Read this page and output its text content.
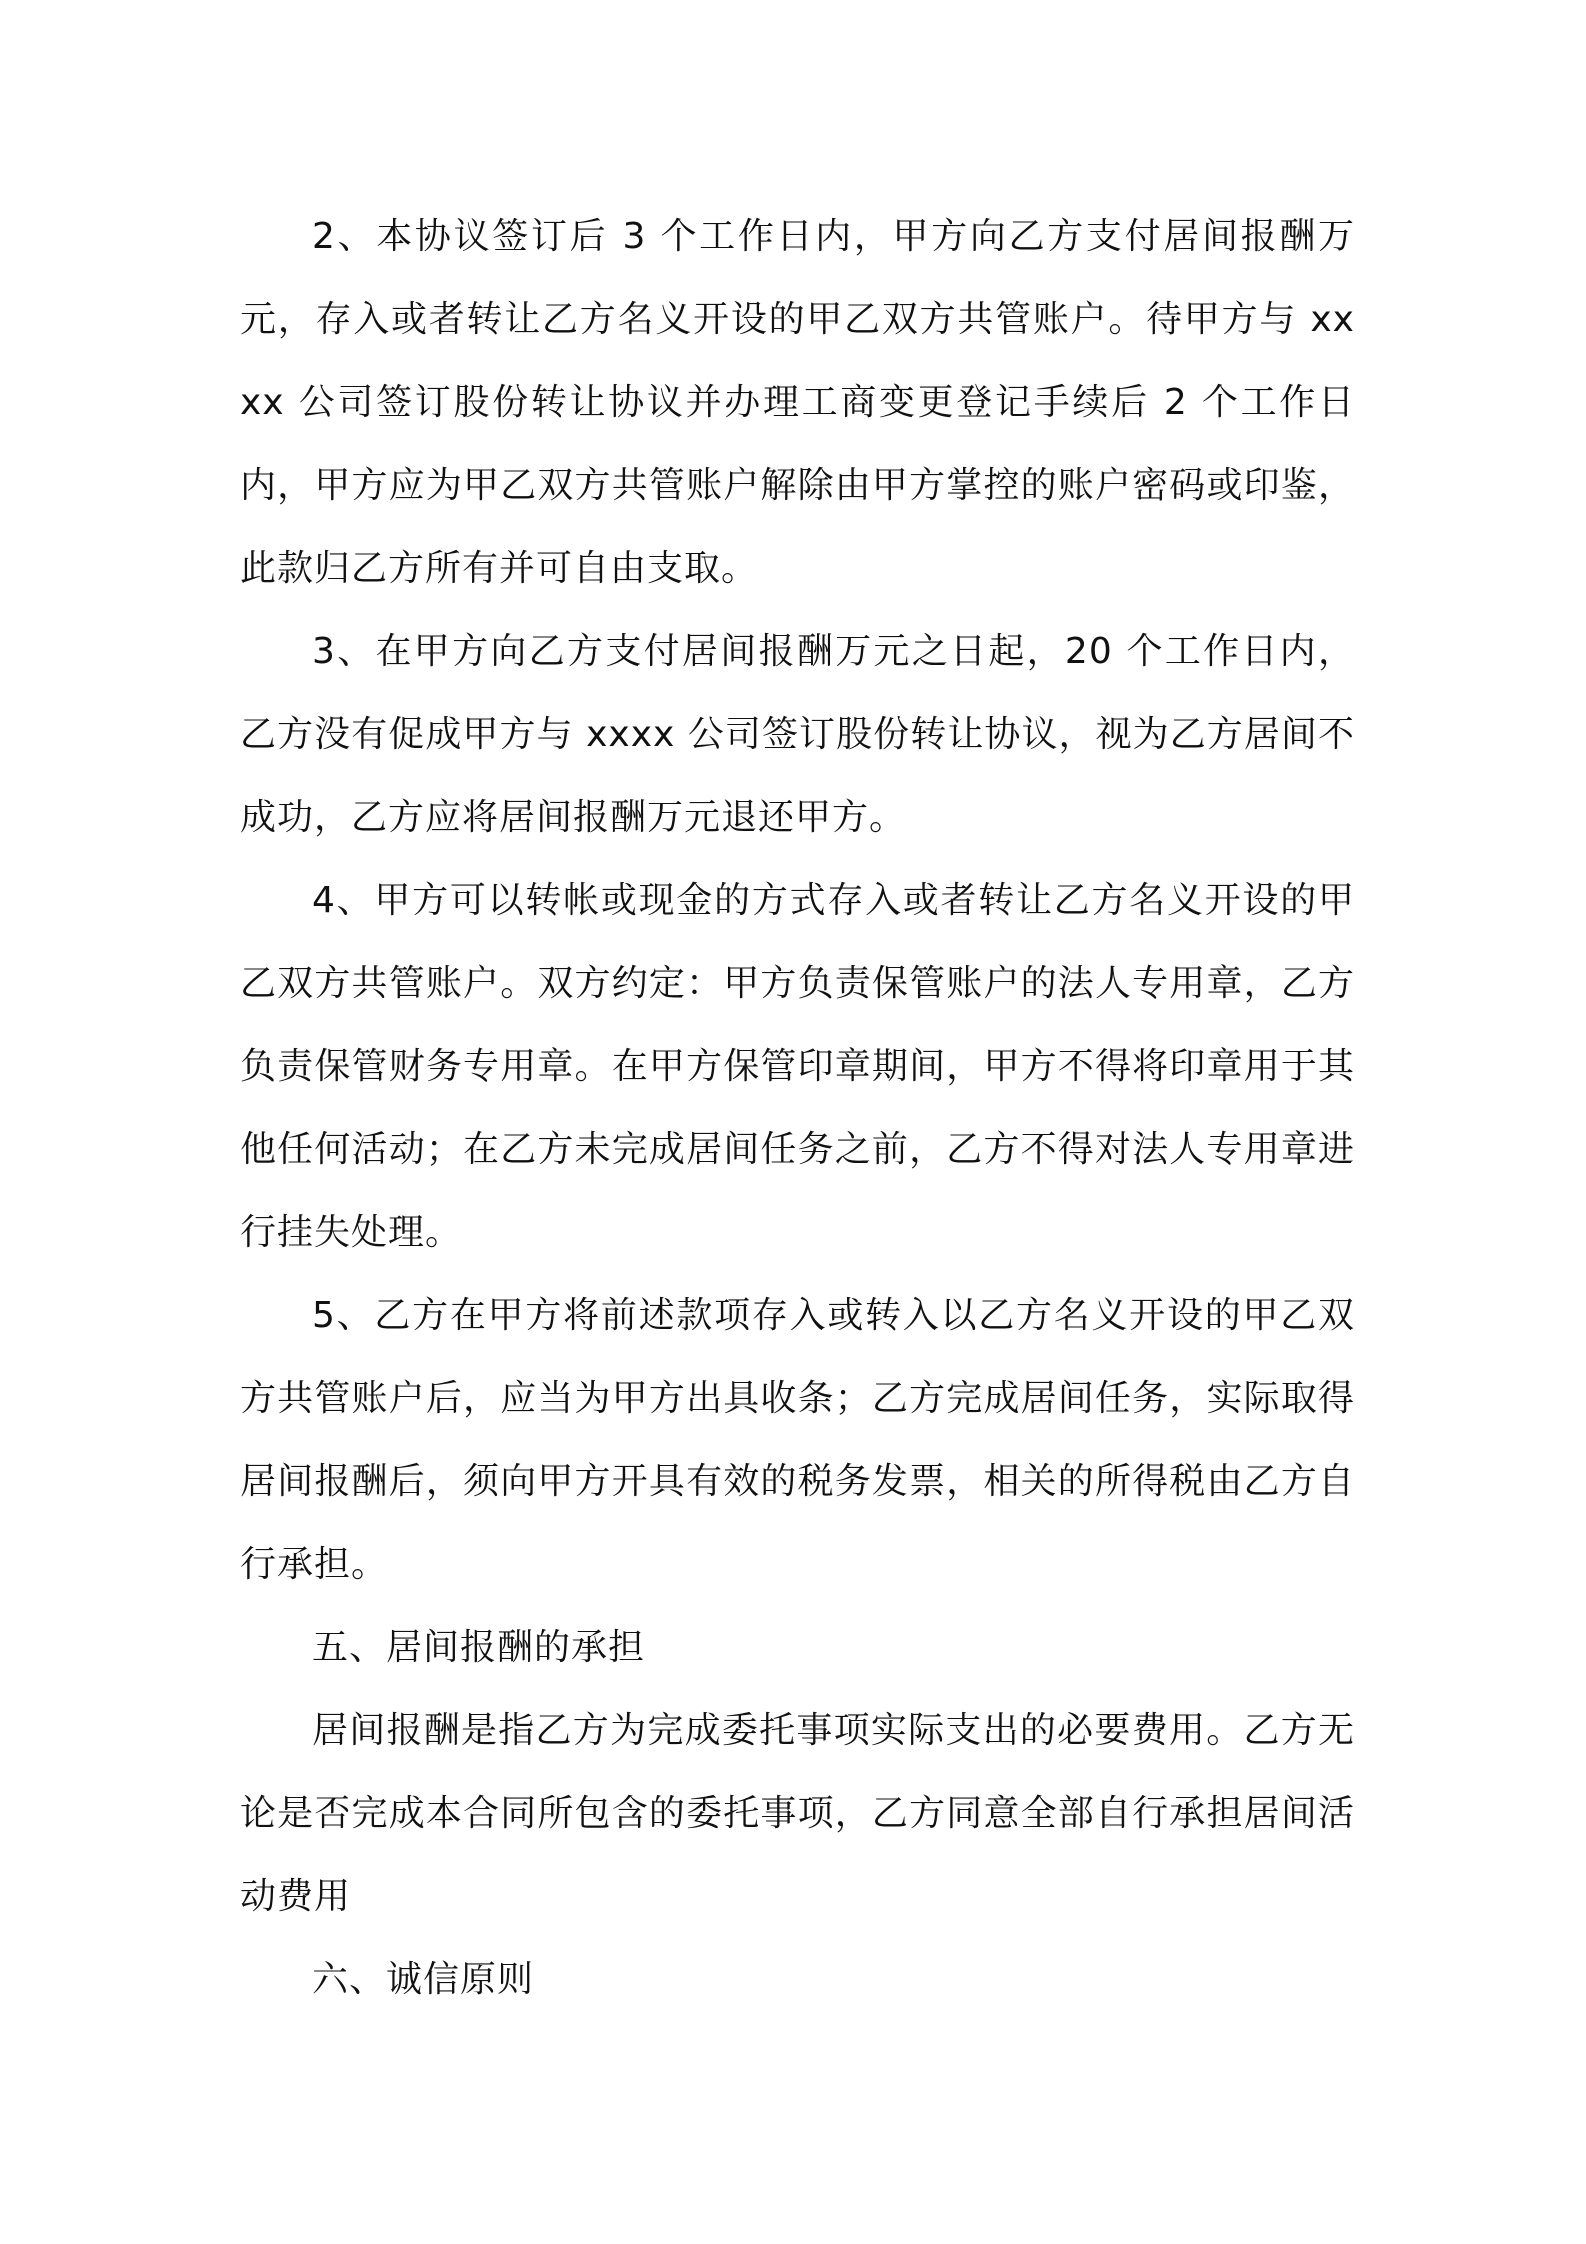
2、本协议签订后 3 个工作日内，甲方向乙方支付居间报酬万元，存入或者转让乙方名义开设的甲乙双方共管账户。待甲方与 xxxx 公司签订股份转让协议并办理工商变更登记手续后 2 个工作日内，甲方应为甲乙双方共管账户解除由甲方掌控的账户密码或印鉴，此款归乙方所有并可自由支取。

3、在甲方向乙方支付居间报酬万元之日起，20 个工作日内，乙方没有促成甲方与 xxxx 公司签订股份转让协议，视为乙方居间不成功，乙方应将居间报酬万元退还甲方。

4、甲方可以转帐或现金的方式存入或者转让乙方名义开设的甲乙双方共管账户。双方约定：甲方负责保管账户的法人专用章，乙方负责保管财务专用章。在甲方保管印章期间，甲方不得将印章用于其他任何活动；在乙方未完成居间任务之前，乙方不得对法人专用章进行挂失处理。

5、乙方在甲方将前述款项存入或转入以乙方名义开设的甲乙双方共管账户后，应当为甲方出具收条；乙方完成居间任务，实际取得居间报酬后，须向甲方开具有效的税务发票，相关的所得税由乙方自行承担。

五、居间报酬的承担

居间报酬是指乙方为完成委托事项实际支出的必要费用。乙方无论是否完成本合同所包含的委托事项，乙方同意全部自行承担居间活动费用

六、诚信原则
